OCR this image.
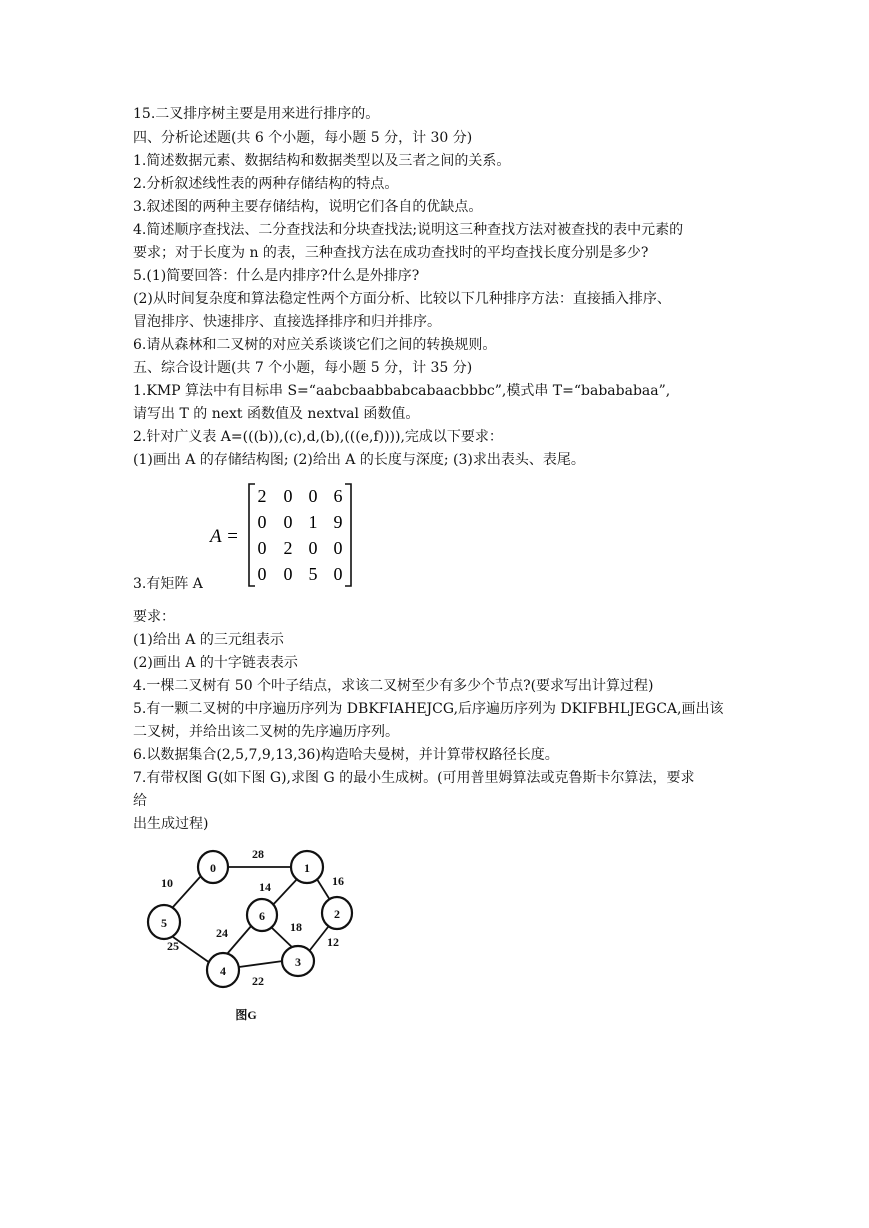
15.二叉排序树主要是用来进行排序的。
四、分析论述题(共 6 个小题，每小题 5 分，计 30 分)
1.简述数据元素、数据结构和数据类型以及三者之间的关系。
2.分析叙述线性表的两种存储结构的特点。
3.叙述图的两种主要存储结构，说明它们各自的优缺点。
4.简述顺序查找法、二分查找法和分块查找法;说明这三种查找方法对被查找的表中元素的
要求；对于长度为 n 的表，三种查找方法在成功查找时的平均查找长度分别是多少?
5.(1)简要回答：什么是内排序?什么是外排序?
(2)从时间复杂度和算法稳定性两个方面分析、比较以下几种排序方法：直接插入排序、
冒泡排序、快速排序、直接选择排序和归并排序。
6.请从森林和二叉树的对应关系谈谈它们之间的转换规则。
五、综合设计题(共 7 个小题，每小题 5 分，计 35 分)
1.KMP 算法中有目标串 S=“aabcbaabbabcabaacbbbc”,模式串 T=“babababaa”,
请写出 T 的 next 函数值及 nextval 函数值。
2.针对广义表 A=(((b)),(c),d,(b),(((e,f)))),完成以下要求：
(1)画出 A 的存储结构图; (2)给出 A 的长度与深度; (3)求出表头、表尾。
3.有矩阵 A
A =
2 0 0 6
0 0 1 9
0 2 0 0
0 0 5 0
要求：
(1)给出 A 的三元组表示
(2)画出 A 的十字链表表示
4.一棵二叉树有 50 个叶子结点，求该二叉树至少有多少个节点?(要求写出计算过程)
5.有一颗二叉树的中序遍历序列为 DBKFIAHEJCG,后序遍历序列为 DKIFBHLJEGCA,画出该
二叉树，并给出该二叉树的先序遍历序列。
6.以数据集合(2,5,7,9,13,36)构造哈夫曼树，并计算带权路径长度。
7.有带权图 G(如下图 G),求图 G 的最小生成树。(可用普里姆算法或克鲁斯卡尔算法，要求
给
出生成过程)
0	1
2
3
4
5	6
28
10	16
14
12
22
18
24
25
图G
